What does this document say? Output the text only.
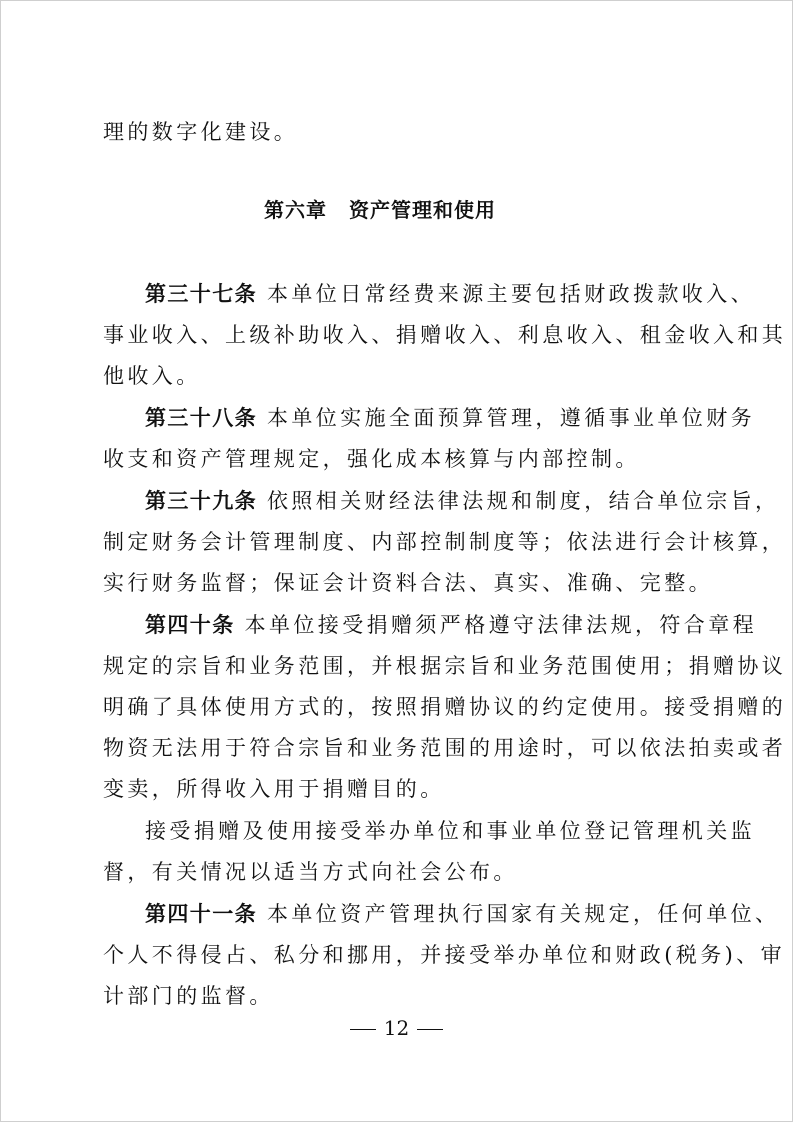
理的数字化建设。
第六章 资产管理和使用
第三十七条 本单位日常经费来源主要包括财政拨款收入、
事业收入、上级补助收入、捐赠收入、利息收入、租金收入和其
他收入。
第三十八条 本单位实施全面预算管理，遵循事业单位财务
收支和资产管理规定，强化成本核算与内部控制。
第三十九条 依照相关财经法律法规和制度，结合单位宗旨，
制定财务会计管理制度、内部控制制度等；依法进行会计核算，
实行财务监督；保证会计资料合法、真实、准确、完整。
第四十条 本单位接受捐赠须严格遵守法律法规，符合章程
规定的宗旨和业务范围，并根据宗旨和业务范围使用；捐赠协议
明确了具体使用方式的，按照捐赠协议的约定使用。接受捐赠的
物资无法用于符合宗旨和业务范围的用途时，可以依法拍卖或者
变卖，所得收入用于捐赠目的。
接受捐赠及使用接受举办单位和事业单位登记管理机关监
督，有关情况以适当方式向社会公布。
第四十一条 本单位资产管理执行国家有关规定，任何单位、
个人不得侵占、私分和挪用，并接受举办单位和财政(税务)、审
计部门的监督。
12
